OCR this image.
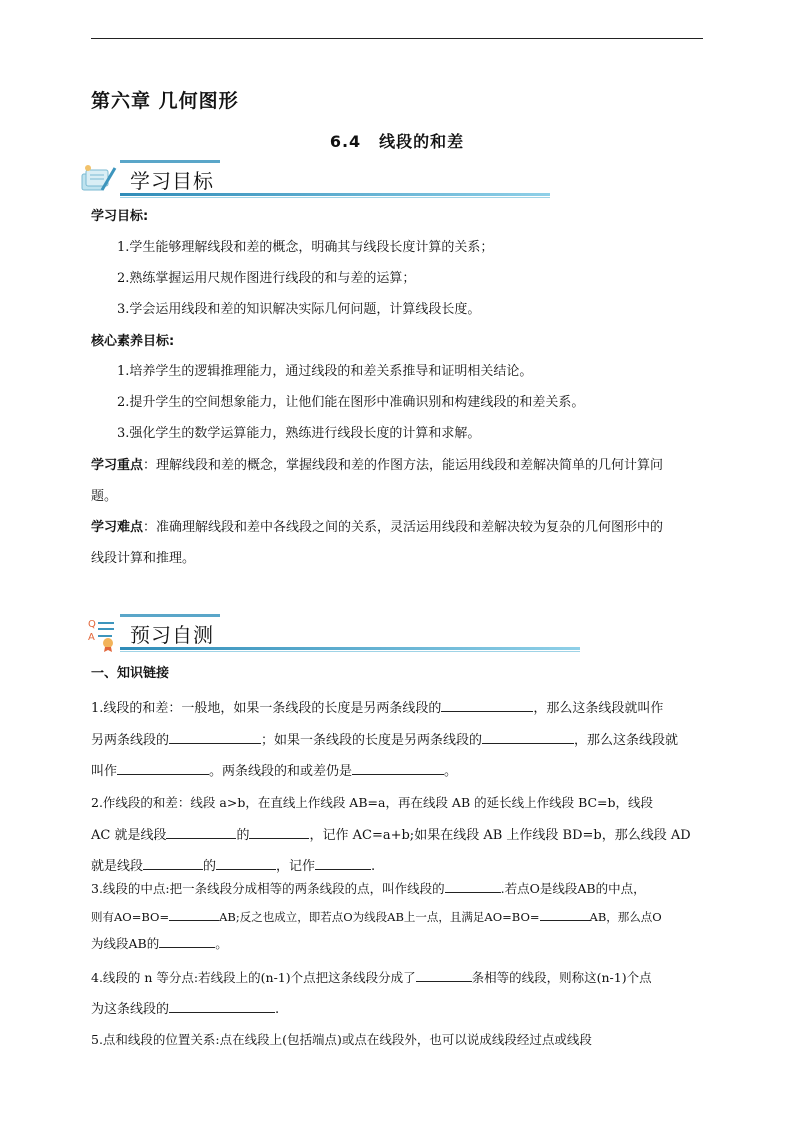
第六章 几何图形
6.4 线段的和差
学习目标
学习目标:
1.学生能够理解线段和差的概念，明确其与线段长度计算的关系；
2.熟练掌握运用尺规作图进行线段的和与差的运算；
3.学会运用线段和差的知识解决实际几何问题，计算线段长度。
核心素养目标:
1.培养学生的逻辑推理能力，通过线段的和差关系推导和证明相关结论。
2.提升学生的空间想象能力，让他们能在图形中准确识别和构建线段的和差关系。
3.强化学生的数学运算能力，熟练进行线段长度的计算和求解。
学习重点：理解线段和差的概念，掌握线段和差的作图方法，能运用线段和差解决简单的几何计算问
题。
学习难点：准确理解线段和差中各线段之间的关系，灵活运用线段和差解决较为复杂的几何图形中的
线段计算和推理。
Q
A 预习自测
一、知识链接
1.线段的和差：一般地，如果一条线段的长度是另两条线段的	，那么这条线段就叫作
另两条线段的	；如果一条线段的长度是另两条线段的	，那么这条线段就
叫作	。两条线段的和或差仍是	。
2.作线段的和差：线段 a>b，在直线上作线段 AB=a，再在线段 AB 的延长线上作线段 BC=b，线段
AC 就是线段	的	，记作 AC=a+b;如果在线段 AB 上作线段 BD=b，那么线段 AD
就是线段	的	，记作	.
3.线段的中点:把一条线段分成相等的两条线段的点，叫作线段的	.若点O是线段AB的中点，
则有AO=BO=	AB;反之也成立，即若点O为线段AB上一点，且满足AO=BO=	AB，那么点O
为线段AB的	。
4.线段的 n 等分点:若线段上的(n-1)个点把这条线段分成了	条相等的线段，则称这(n-1)个点
为这条线段的	.
5.点和线段的位置关系:点在线段上(包括端点)或点在线段外，也可以说成线段经过点或线段
